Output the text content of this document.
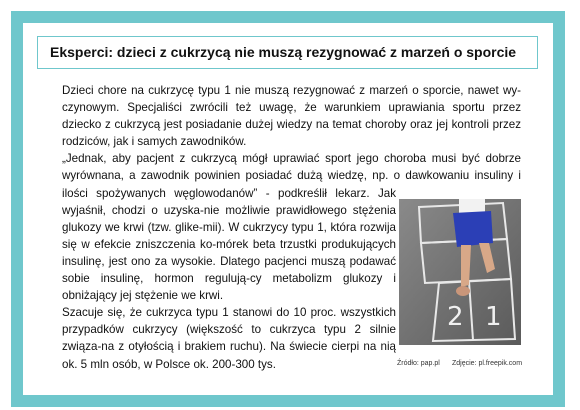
Eksperci: dzieci z cukrzycą nie muszą rezygnować z marzeń o sporcie

Dzieci chore na cukrzycę typu 1 nie muszą rezygnować z marzeń o sporcie, nawet wy-czynowym. Specjaliści zwrócili też uwagę, że warunkiem uprawiania sportu przez dziecko z cukrzycą jest posiadanie dużej wiedzy na temat choroby oraz jej kontroli przez rodziców, jak i samych zawodników.

„Jednak, aby pacjent z cukrzycą mógł uprawiać sport jego choroba musi być dobrze wyrównana, a zawodnik powinien posiadać dużą wiedzę, np. o dawkowaniu insuliny i ilości spożywanych węglowodanów” - podkreślił lekarz. Jak wyjaśnił, chodzi o uzyska-nie możliwie prawidłowego stężenia glukozy we krwi (tzw. glike-mii). W cukrzycy typu 1, która rozwija się w efekcie zniszczenia ko-mórek beta trzustki produkujących insulinę, jest ono za wysokie. Dlatego pacjenci muszą podawać sobie insulinę, hormon regulują-cy metabolizm glukozy i obniżający jej stężenie we krwi.

Szacuje się, że cukrzyca typu 1 stanowi do 10 proc. wszystkich przypadków cukrzycy (większość to cukrzyca typu 2 silnie związa-na z otyłością i brakiem ruchu). Na świecie cierpi na nią ok. 5 mln osób, w Polsce ok. 200-300 tys.

2 1
Źródło: pap.pl Zdjęcie: pl.freepik.com
